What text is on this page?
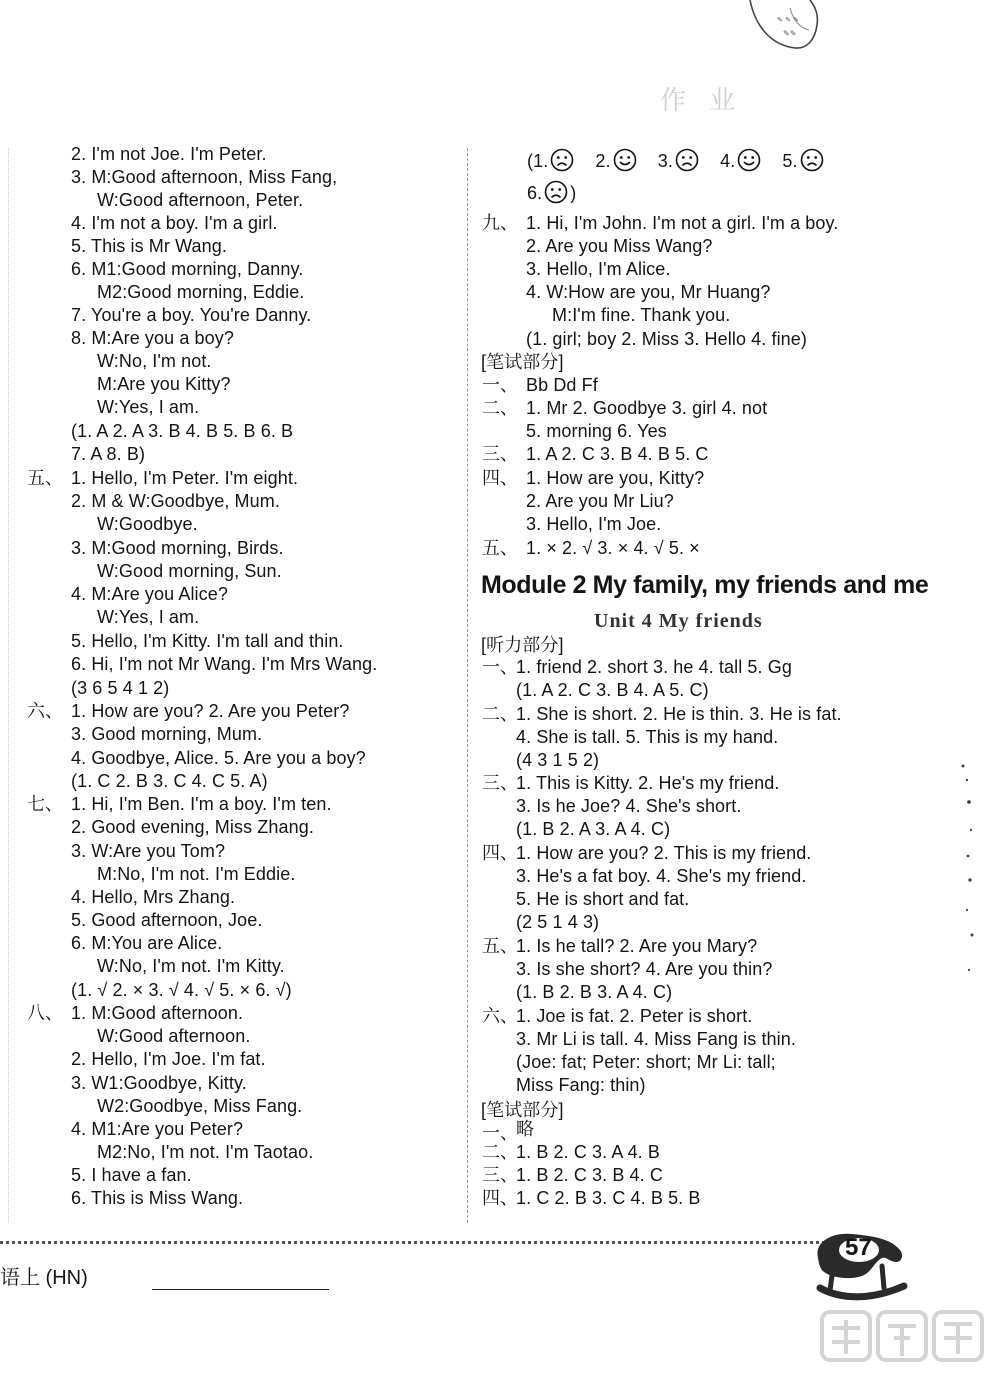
✎ ✎ ✎
✎✎
作 业
2. I'm not Joe. I'm Peter.
3. M:Good afternoon, Miss Fang,
W:Good afternoon, Peter.
4. I'm not a boy. I'm a girl.
5. This is Mr Wang.
6. M1:Good morning, Danny.
M2:Good morning, Eddie.
7. You're a boy. You're Danny.
8. M:Are you a boy?
W:No, I'm not.
M:Are you Kitty?
W:Yes, I am.
(1. A 2. A 3. B 4. B 5. B 6. B
7. A 8. B)
五、 1. Hello, I'm Peter. I'm eight.
2. M & W:Goodbye, Mum.
W:Goodbye.
3. M:Good morning, Birds.
W:Good morning, Sun.
4. M:Are you Alice?
W:Yes, I am.
5. Hello, I'm Kitty. I'm tall and thin.
6. Hi, I'm not Mr Wang. I'm Mrs Wang.
(3 6 5 4 1 2)
六、 1. How are you? 2. Are you Peter?
3. Good morning, Mum.
4. Goodbye, Alice. 5. Are you a boy?
(1. C 2. B 3. C 4. C 5. A)
七、 1. Hi, I'm Ben. I'm a boy. I'm ten.
2. Good evening, Miss Zhang.
3. W:Are you Tom?
M:No, I'm not. I'm Eddie.
4. Hello, Mrs Zhang.
5. Good afternoon, Joe.
6. M:You are Alice.
W:No, I'm not. I'm Kitty.
(1. √ 2. × 3. √ 4. √ 5. × 6. √)
八、 1. M:Good afternoon.
W:Good afternoon.
2. Hello, I'm Joe. I'm fat.
3. W1:Goodbye, Kitty.
W2:Goodbye, Miss Fang.
4. M1:Are you Peter?
M2:No, I'm not. I'm Taotao.
5. I have a fan.
6. This is Miss Wang.
(1.	2.	3.	4.	5.
6. )
九、 1. Hi, I'm John. I'm not a girl. I'm a boy.
2. Are you Miss Wang?
3. Hello, I'm Alice.
4. W:How are you, Mr Huang?
M:I'm fine. Thank you.
(1. girl; boy 2. Miss 3. Hello 4. fine)
[笔试部分]
一、 Bb Dd Ff
二、 1. Mr 2. Goodbye 3. girl 4. not
5. morning 6. Yes
三、 1. A 2. C 3. B 4. B 5. C
四、 1. How are you, Kitty?
2. Are you Mr Liu?
3. Hello, I'm Joe.
五、 1. × 2. √ 3. × 4. √ 5. ×
Module 2 My family, my friends and me
Unit 4 My friends
[听力部分]
一、
1. friend 2. short 3. he 4. tall 5. Gg
(1. A 2. C 3. B 4. A 5. C)
二、
1. She is short. 2. He is thin. 3. He is fat.
4. She is tall. 5. This is my hand.
(4 3 1 5 2)
三、
1. This is Kitty. 2. He's my friend.
3. Is he Joe? 4. She's short.
(1. B 2. A 3. A 4. C)
四、
1. How are you? 2. This is my friend.
3. He's a fat boy. 4. She's my friend.
5. He is short and fat.
(2 5 1 4 3)
五、
1. Is he tall? 2. Are you Mary?
3. Is she short? 4. Are you thin?
(1. B 2. B 3. A 4. C)
六、
1. Joe is fat. 2. Peter is short.
3. Mr Li is tall. 4. Miss Fang is thin.
(Joe: fat; Peter: short; Mr Li: tall;
Miss Fang: thin)
[笔试部分]
一、
略
二、
1. B 2. C 3. A 4. B
三、
1. B 2. C 3. B 4. C
四、
1. C 2. B 3. C 4. B 5. B
语上 (HN)
57
